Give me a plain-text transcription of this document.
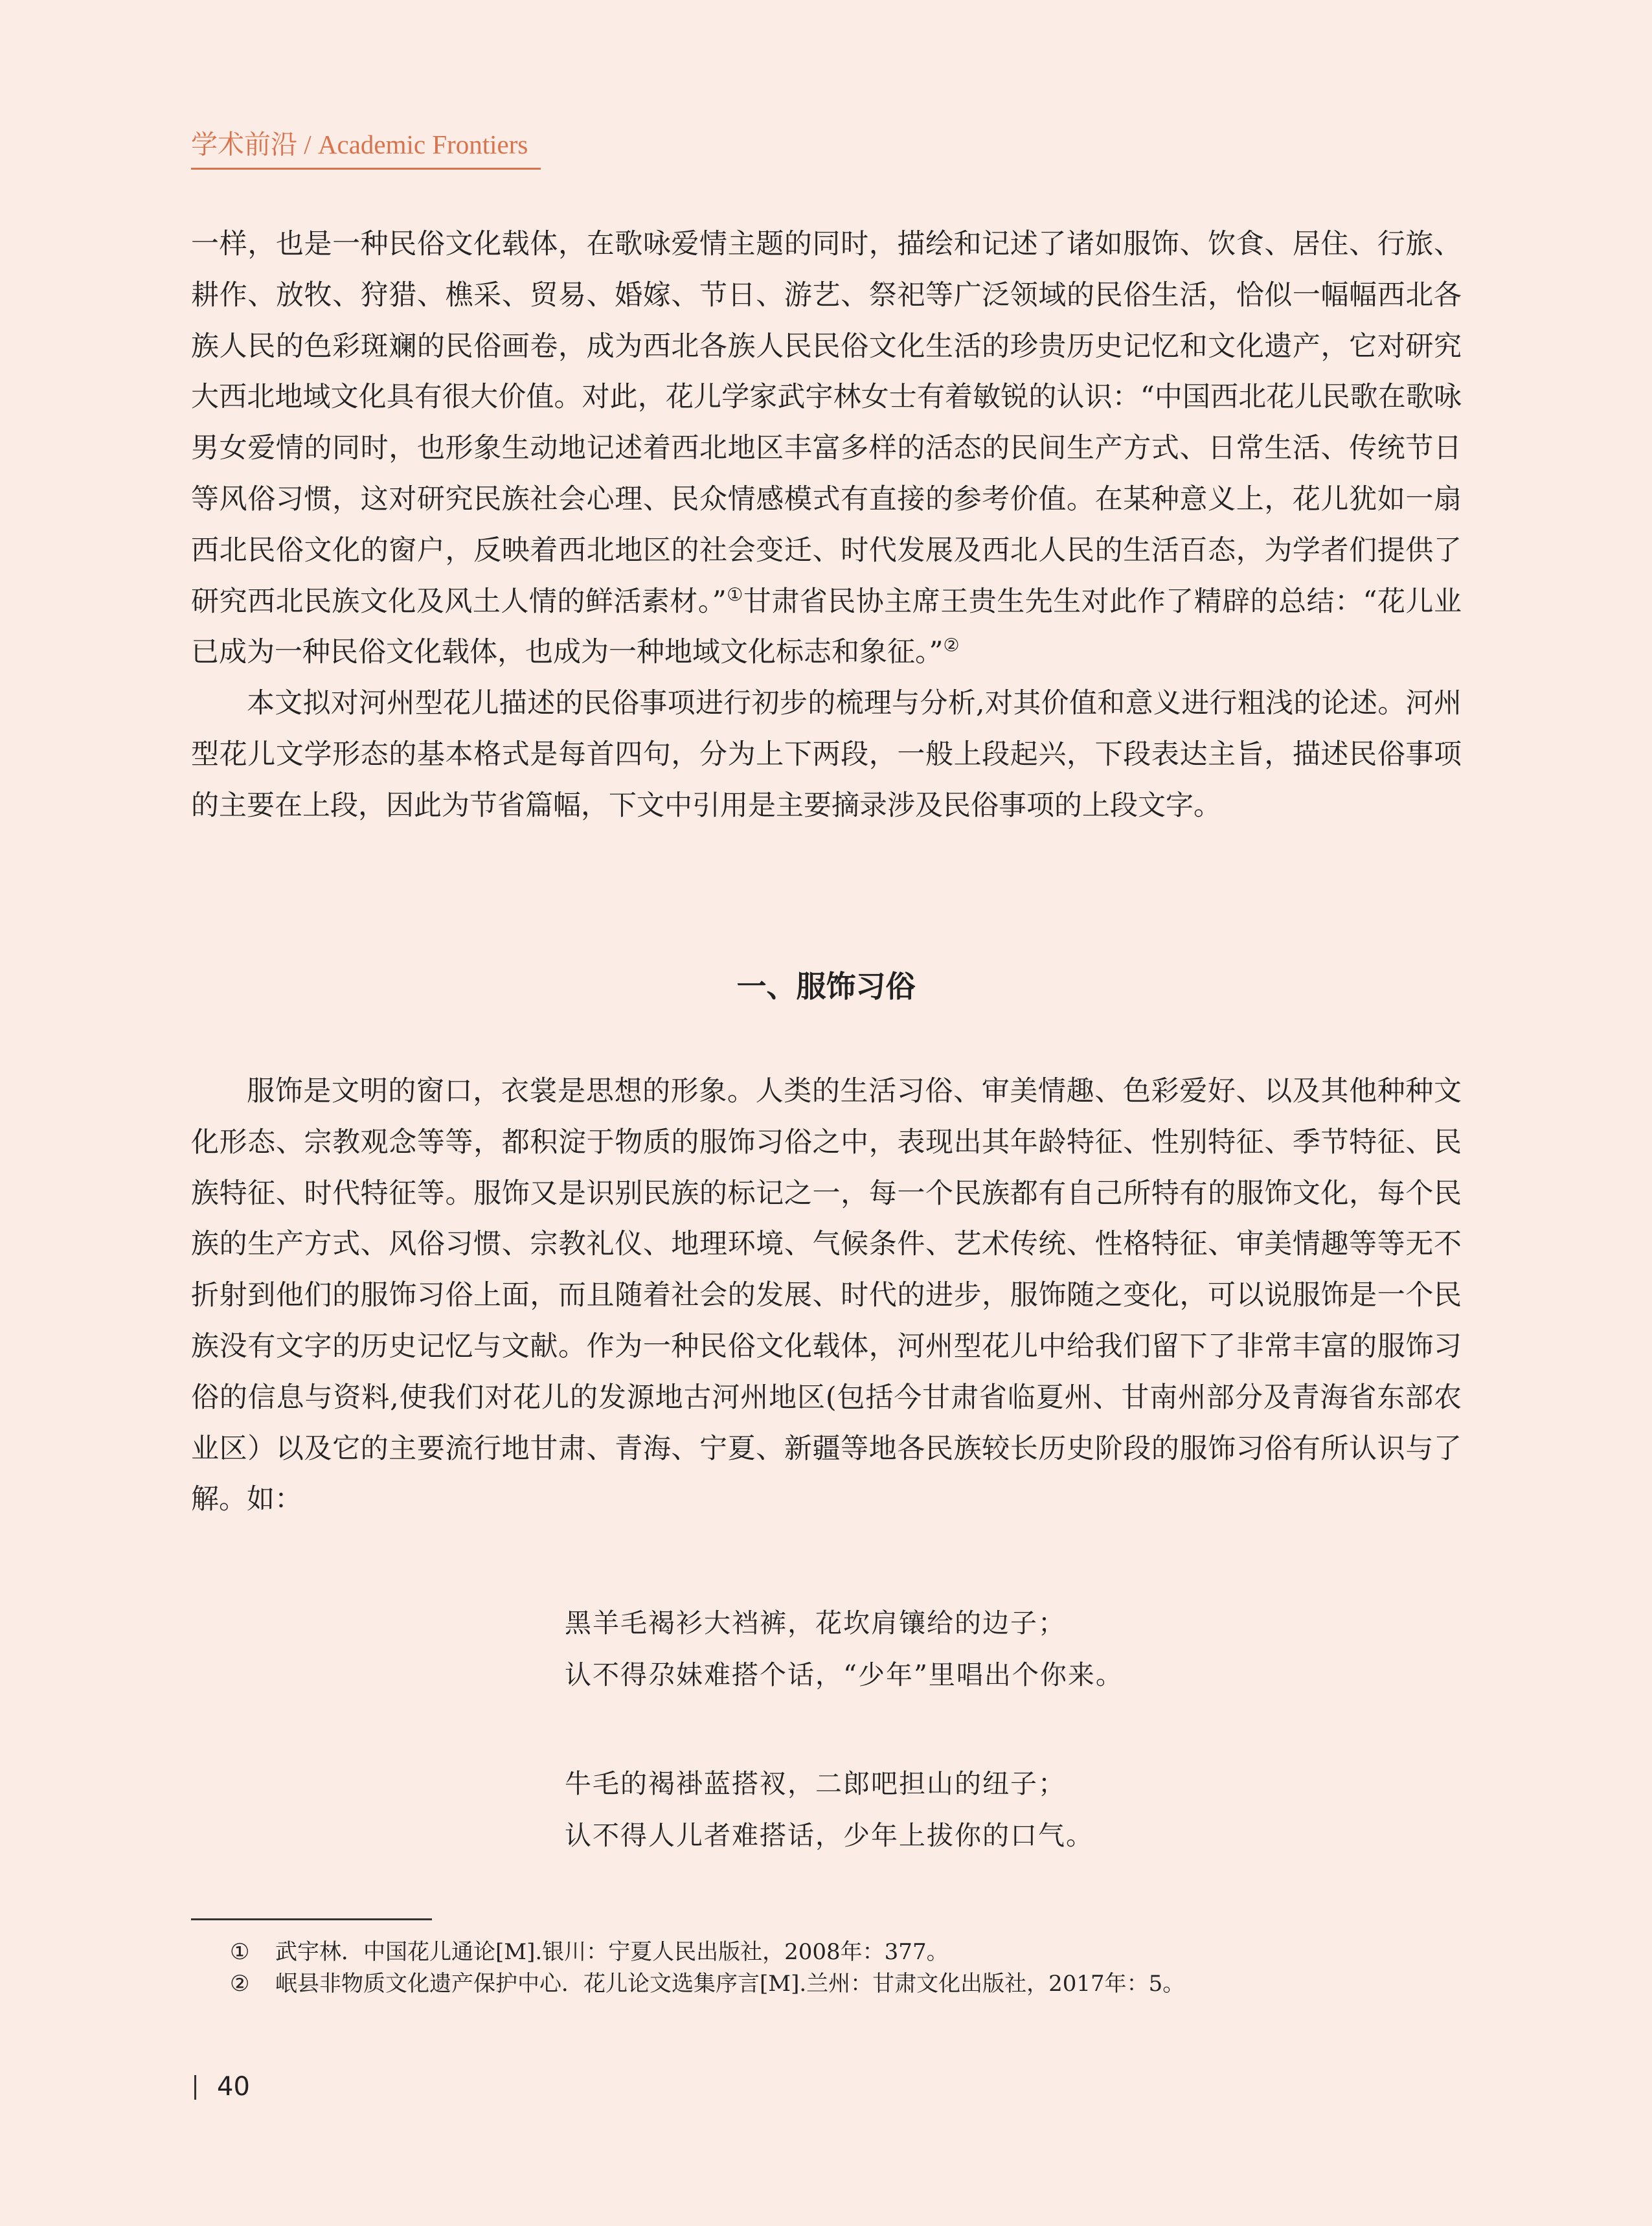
学术前沿 / Academic Frontiers

一样，也是一种民俗文化载体，在歌咏爱情主题的同时，描绘和记述了诸如服饰、饮食、居住、行旅、耕作、放牧、狩猎、樵采、贸易、婚嫁、节日、游艺、祭祀等广泛领域的民俗生活，恰似一幅幅西北各族人民的色彩斑斓的民俗画卷，成为西北各族人民民俗文化生活的珍贵历史记忆和文化遗产，它对研究大西北地域文化具有很大价值。对此，花儿学家武宇林女士有着敏锐的认识：“中国西北花儿民歌在歌咏男女爱情的同时，也形象生动地记述着西北地区丰富多样的活态的民间生产方式、日常生活、传统节日等风俗习惯，这对研究民族社会心理、民众情感模式有直接的参考价值。在某种意义上，花儿犹如一扇西北民俗文化的窗户，反映着西北地区的社会变迁、时代发展及西北人民的生活百态，为学者们提供了研究西北民族文化及风土人情的鲜活素材。”①甘肃省民协主席王贵生先生对此作了精辟的总结：“花儿业已成为一种民俗文化载体，也成为一种地域文化标志和象征。”②

本文拟对河州型花儿描述的民俗事项进行初步的梳理与分析,对其价值和意义进行粗浅的论述。河州型花儿文学形态的基本格式是每首四句，分为上下两段，一般上段起兴，下段表达主旨，描述民俗事项的主要在上段，因此为节省篇幅，下文中引用是主要摘录涉及民俗事项的上段文字。

一、服饰习俗

服饰是文明的窗口，衣裳是思想的形象。人类的生活习俗、审美情趣、色彩爱好、以及其他种种文化形态、宗教观念等等，都积淀于物质的服饰习俗之中，表现出其年龄特征、性别特征、季节特征、民族特征、时代特征等。服饰又是识别民族的标记之一，每一个民族都有自己所特有的服饰文化，每个民族的生产方式、风俗习惯、宗教礼仪、地理环境、气候条件、艺术传统、性格特征、审美情趣等等无不折射到他们的服饰习俗上面，而且随着社会的发展、时代的进步，服饰随之变化，可以说服饰是一个民族没有文字的历史记忆与文献。作为一种民俗文化载体，河州型花儿中给我们留下了非常丰富的服饰习俗的信息与资料,使我们对花儿的发源地古河州地区(包括今甘肃省临夏州、甘南州部分及青海省东部农业区）以及它的主要流行地甘肃、青海、宁夏、新疆等地各民族较长历史阶段的服饰习俗有所认识与了解。如：

黑羊毛褐衫大裆裤，花坎肩镶给的边子；
认不得尕妹难搭个话，“少年”里唱出个你来。
牛毛的褐褂蓝搭衩，二郎吧担山的纽子；
认不得人儿者难搭话，少年上拔你的口气。
① 武宇林．中国花儿通论[M].银川：宁夏人民出版社，2008年：377。
② 岷县非物质文化遗产保护中心．花儿论文选集序言[M].兰州：甘肃文化出版社，2017年：5。
40
